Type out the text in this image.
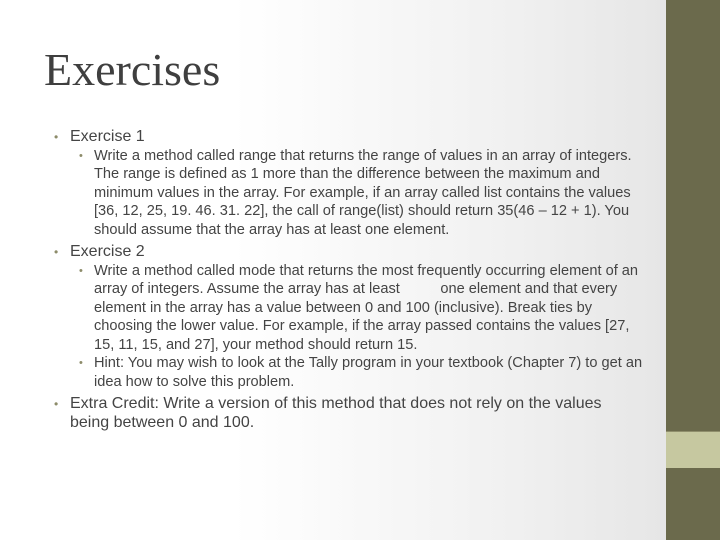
Exercises
• Exercise 1
• Write a method called range that returns the range of values in an array of integers. The range is defined as 1 more than the difference between the maximum and minimum values in the array. For example, if an array called list contains the values [36, 12, 25, 19. 46. 31. 22], the call of range(list) should return 35(46 – 12 + 1). You should assume that the array has at least one element.
• Exercise 2
• Write a method called mode that returns the most frequently occurring element of an array of integers. Assume the array has at least          one element and that every element in the array has a value between 0 and 100 (inclusive). Break ties by choosing the lower value. For example, if the array passed contains the values [27, 15, 11, 15, and 27], your method should return 15.
• Hint: You may wish to look at the Tally program in your textbook (Chapter 7) to get an idea how to solve this problem.
• Extra Credit: Write a version of this method that does not rely on the values being between 0 and 100.
